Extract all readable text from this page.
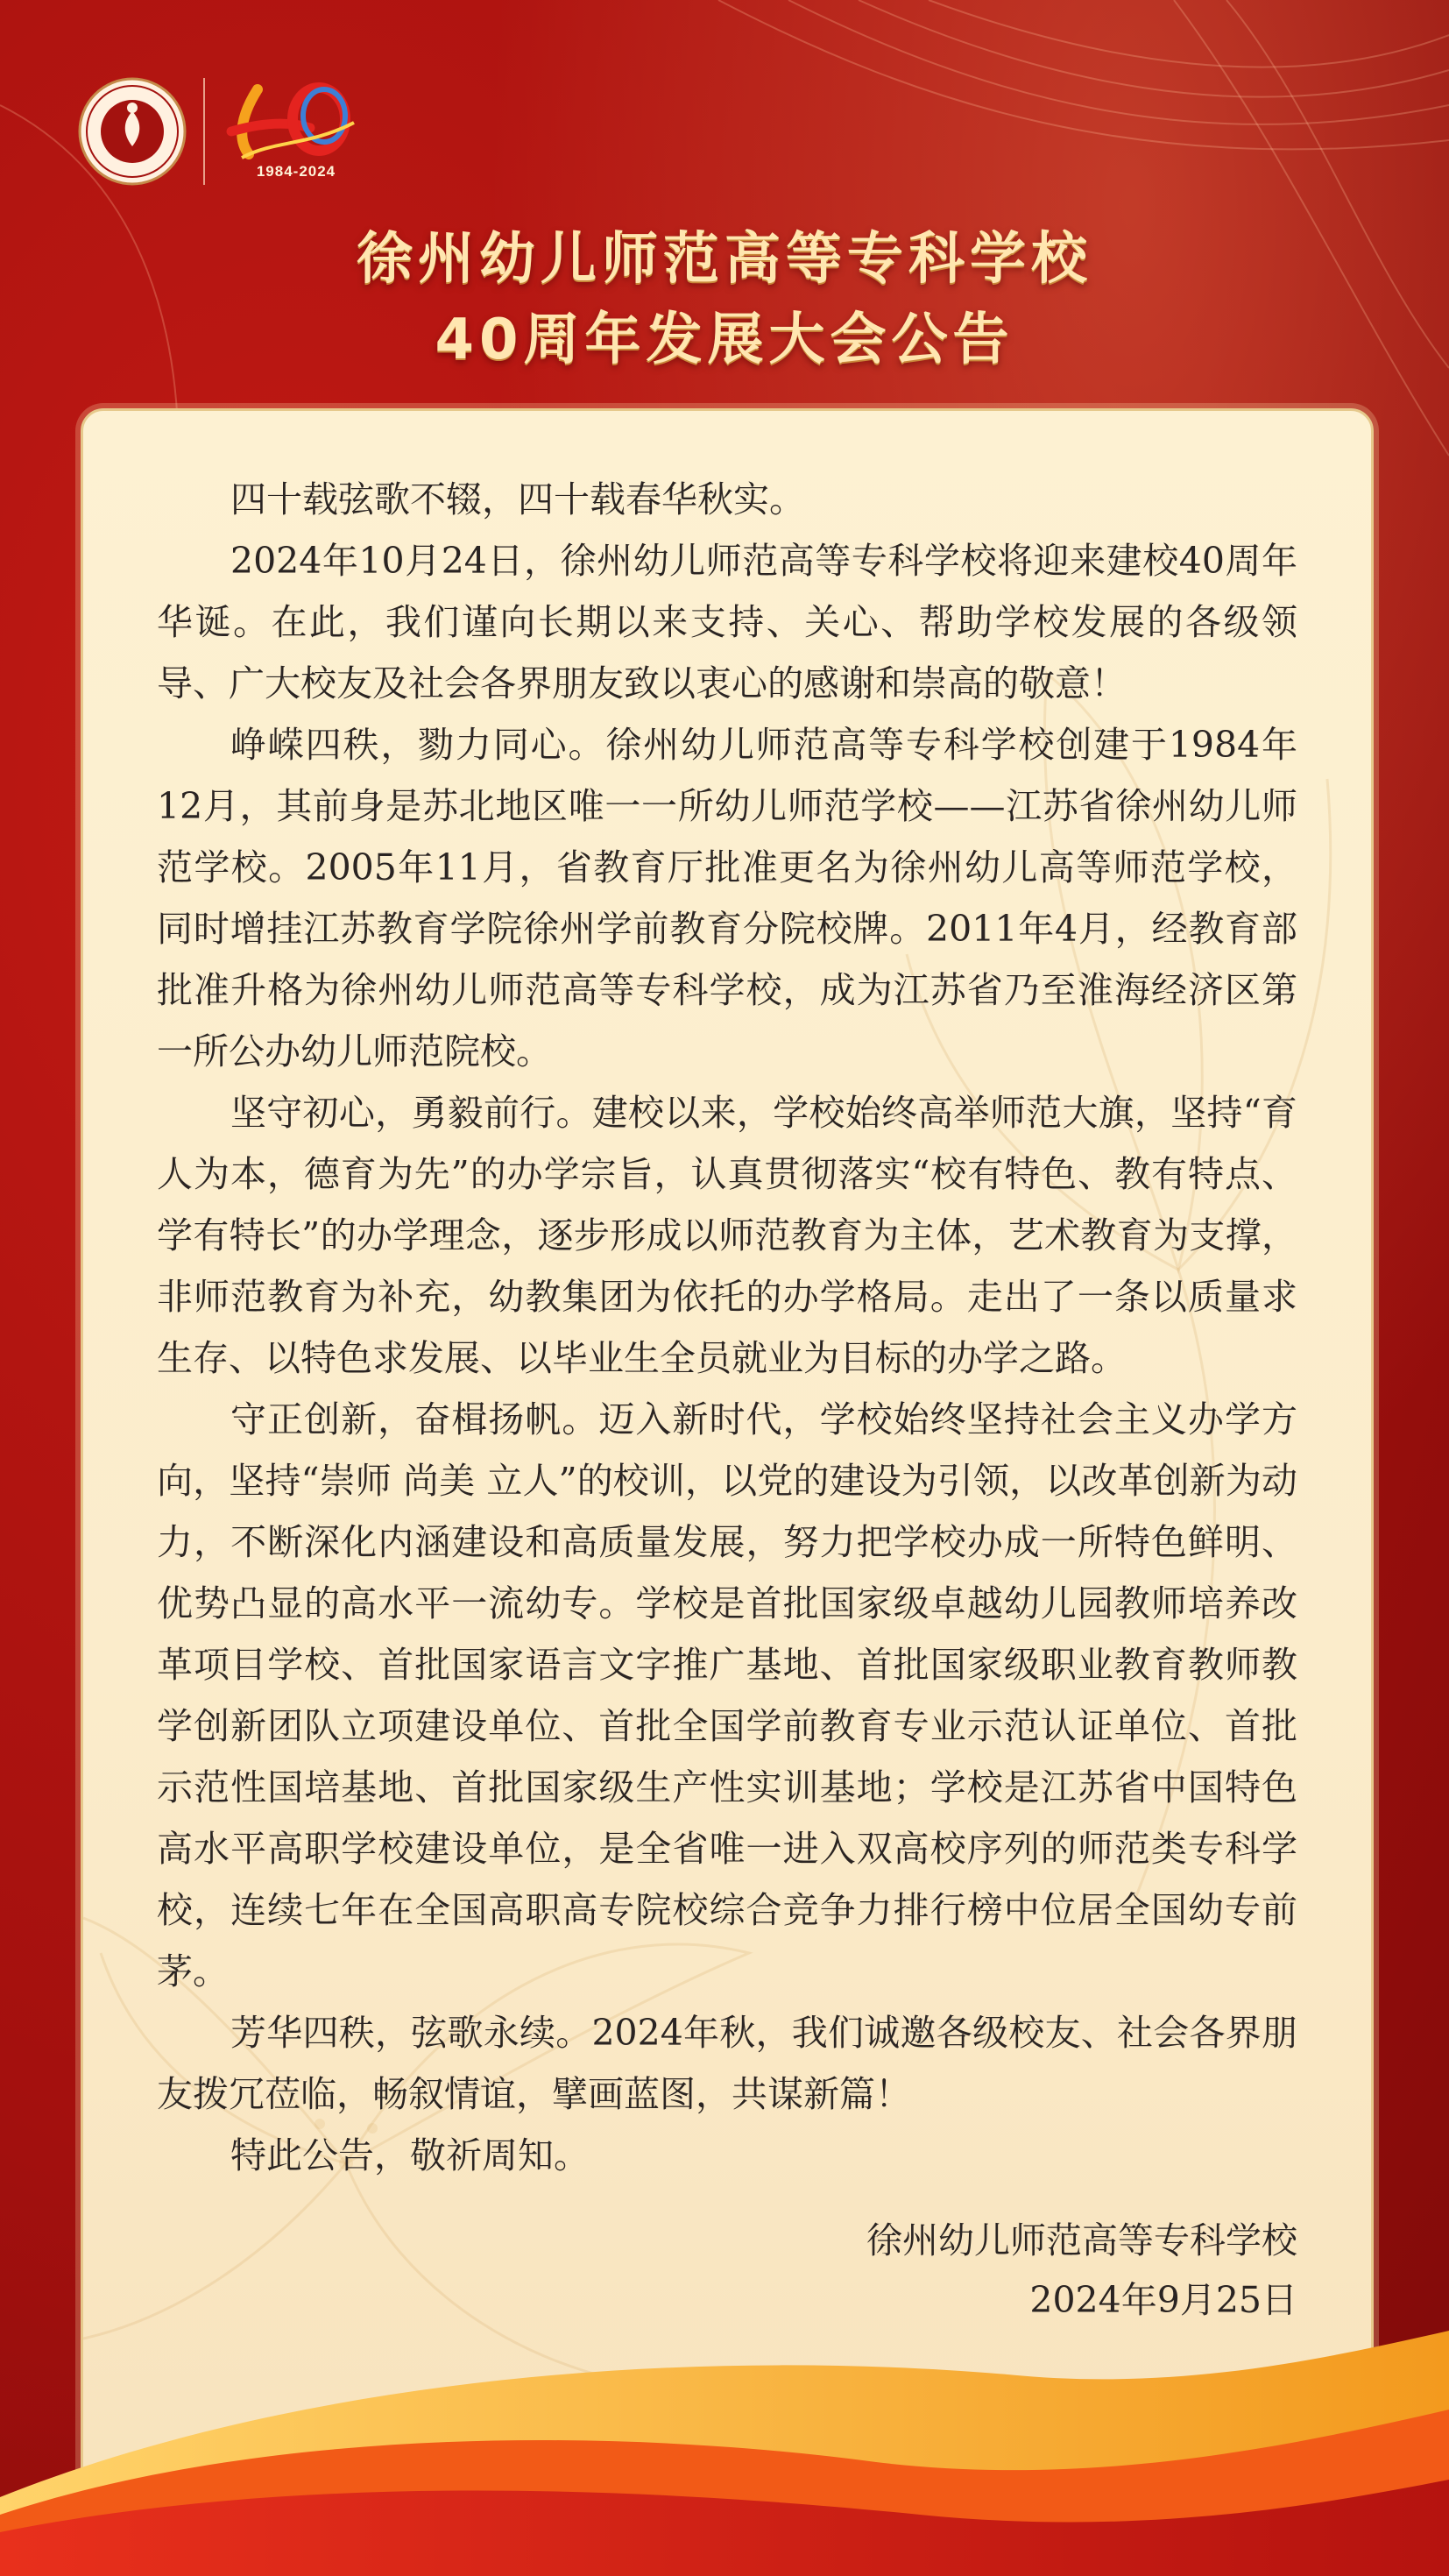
1984-2024
徐州幼儿师范高等专科学校
40周年发展大会公告

四十载弦歌不辍，四十载春华秋实。

2024年10月24日，徐州幼儿师范高等专科学校将迎来建校40周年华诞。在此，我们谨向长期以来支持、关心、帮助学校发展的各级领导、广大校友及社会各界朋友致以衷心的感谢和崇高的敬意！

峥嵘四秩，勠力同心。徐州幼儿师范高等专科学校创建于1984年12月，其前身是苏北地区唯一一所幼儿师范学校——江苏省徐州幼儿师范学校。2005年11月，省教育厅批准更名为徐州幼儿高等师范学校，同时增挂江苏教育学院徐州学前教育分院校牌。2011年4月，经教育部批准升格为徐州幼儿师范高等专科学校，成为江苏省乃至淮海经济区第一所公办幼儿师范院校。

坚守初心，勇毅前行。建校以来，学校始终高举师范大旗，坚持“育人为本，德育为先”的办学宗旨，认真贯彻落实“校有特色、教有特点、学有特长”的办学理念，逐步形成以师范教育为主体，艺术教育为支撑，非师范教育为补充，幼教集团为依托的办学格局。走出了一条以质量求生存、以特色求发展、以毕业生全员就业为目标的办学之路。

守正创新，奋楫扬帆。迈入新时代，学校始终坚持社会主义办学方向，坚持“崇师 尚美 立人”的校训，以党的建设为引领，以改革创新为动力，不断深化内涵建设和高质量发展，努力把学校办成一所特色鲜明、优势凸显的高水平一流幼专。学校是首批国家级卓越幼儿园教师培养改革项目学校、首批国家语言文字推广基地、首批国家级职业教育教师教学创新团队立项建设单位、首批全国学前教育专业示范认证单位、首批示范性国培基地、首批国家级生产性实训基地；学校是江苏省中国特色高水平高职学校建设单位，是全省唯一进入双高校序列的师范类专科学校，连续七年在全国高职高专院校综合竞争力排行榜中位居全国幼专前茅。

芳华四秩，弦歌永续。2024年秋，我们诚邀各级校友、社会各界朋友拨冗莅临，畅叙情谊，擘画蓝图，共谋新篇！

特此公告，敬祈周知。

徐州幼儿师范高等专科学校
2024年9月25日
